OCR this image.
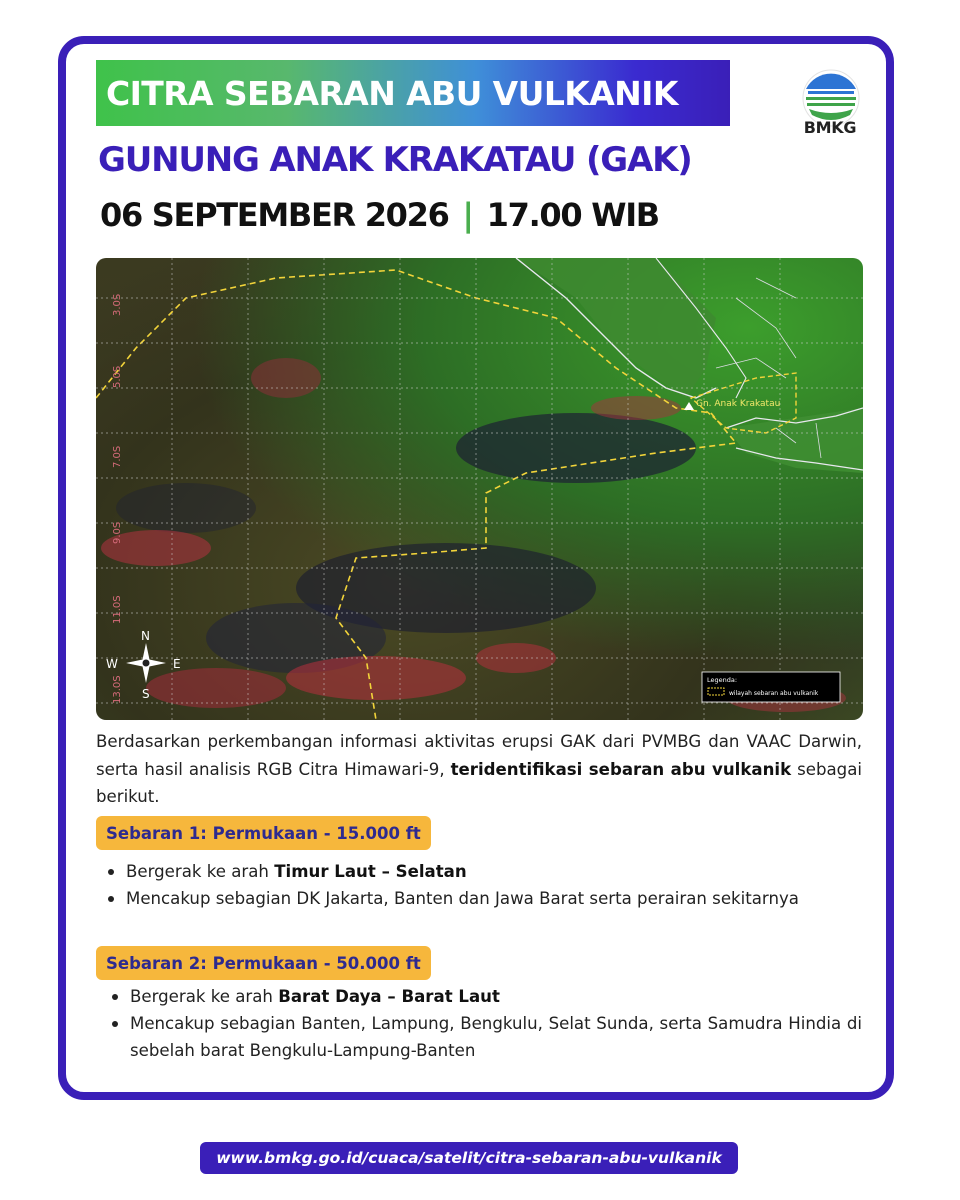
CITRA SEBARAN ABU VULKANIK
BMKG
GUNUNG ANAK KRAKATAU (GAK)
06 SEPTEMBER 2026 | 17.00 WIB
3.0S
5.0S
7.0S
9.0S
11.0S
13.0S
Gn. Anak Krakatau
N
E
S
W
Legenda:
wilayah sebaran abu vulkanik
Berdasarkan perkembangan informasi aktivitas erupsi GAK dari PVMBG dan VAAC Darwin, serta hasil analisis RGB Citra Himawari-9, teridentifikasi sebaran abu vulkanik sebagai berikut.
Sebaran 1: Permukaan - 15.000 ft
Bergerak ke arah Timur Laut – Selatan
Mencakup sebagian DK Jakarta, Banten dan Jawa Barat serta perairan sekitarnya
Sebaran 2: Permukaan - 50.000 ft
Bergerak ke arah Barat Daya – Barat Laut
Mencakup sebagian Banten, Lampung, Bengkulu, Selat Sunda, serta Samudra Hindia di sebelah barat Bengkulu-Lampung-Banten
www.bmkg.go.id/cuaca/satelit/citra-sebaran-abu-vulkanik
